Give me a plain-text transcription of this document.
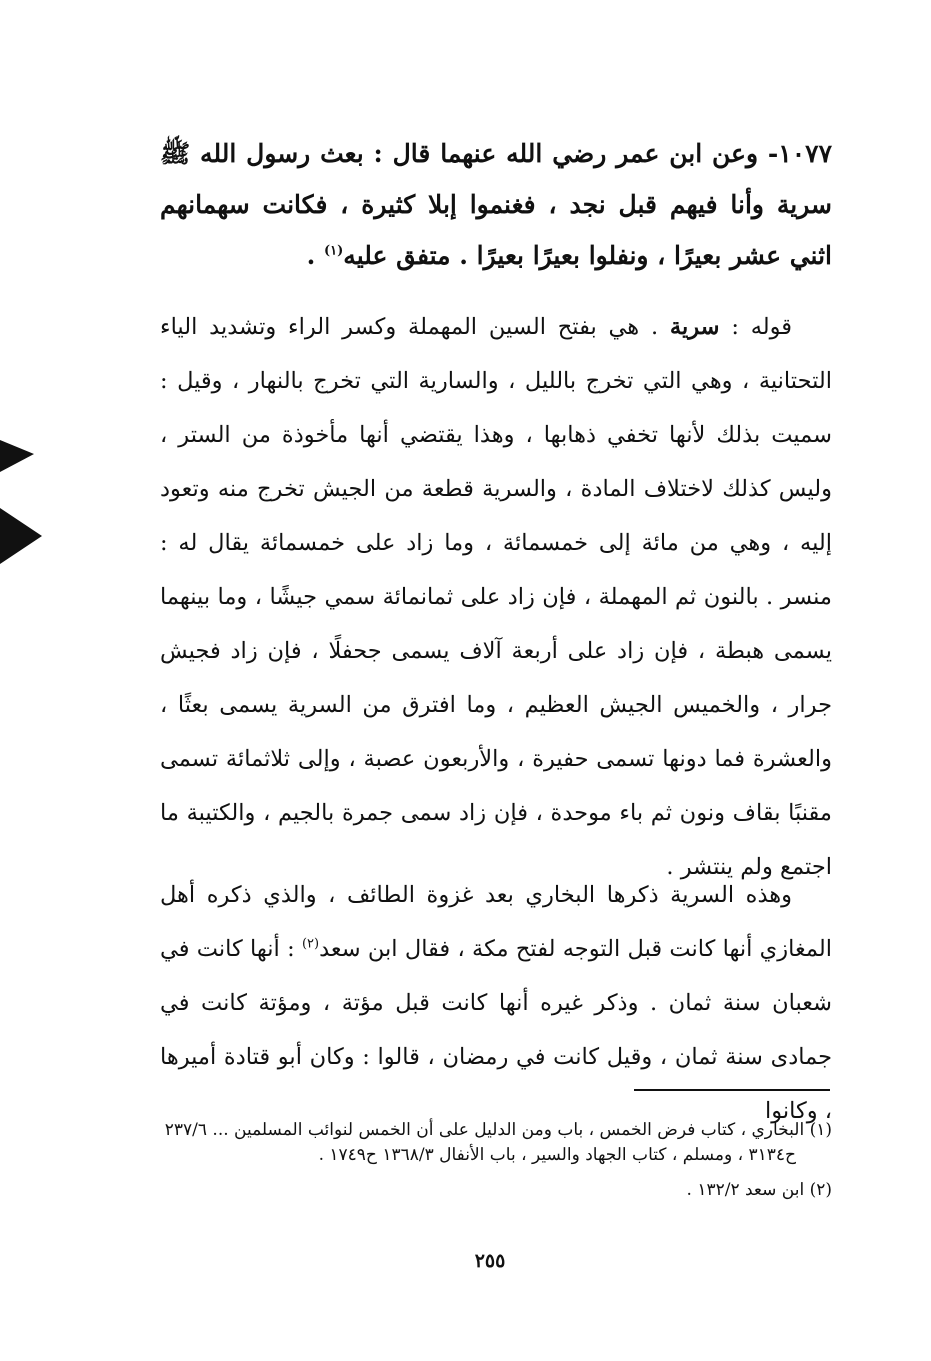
١٠٧٧- وعن ابن عمر رضي الله عنهما قال : بعث رسول الله ﷺ سرية وأنا فيهم قبل نجد ، فغنموا إبلا كثيرة ، فكانت سهمانهم اثني عشر بعيرًا ، ونفلوا بعيرًا بعيرًا . متفق عليه$^{(١)}$ .
قوله : سرية . هي بفتح السين المهملة وكسر الراء وتشديد الياء التحتانية ، وهي التي تخرج بالليل ، والسارية التي تخرج بالنهار ، وقيل : سميت بذلك لأنها تخفي ذهابها ، وهذا يقتضي أنها مأخوذة من الستر ، وليس كذلك لاختلاف المادة ، والسرية قطعة من الجيش تخرج منه وتعود إليه ، وهي من مائة إلى خمسمائة ، وما زاد على خمسمائة يقال له : منسر . بالنون ثم المهملة ، فإن زاد على ثمانمائة سمي جيشًا ، وما بينهما يسمى هبطة ، فإن زاد على أربعة آلاف يسمى جحفلًا ، فإن زاد فجيش جرار ، والخميس الجيش العظيم ، وما افترق من السرية يسمى بعثًا ، والعشرة فما دونها تسمى حفيرة ، والأربعون عصبة ، وإلى ثلاثمائة تسمى مقنبًا بقاف ونون ثم باء موحدة ، فإن زاد سمى جمرة بالجيم ، والكتيبة ما اجتمع ولم ينتشر .
وهذه السرية ذكرها البخاري بعد غزوة الطائف ، والذي ذكره أهل المغازي أنها كانت قبل التوجه لفتح مكة ، فقال ابن سعد$^{(٢)}$ : أنها كانت في شعبان سنة ثمان . وذكر غيره أنها كانت قبل مؤتة ، ومؤتة كانت في جمادى سنة ثمان ، وقيل كانت في رمضان ، قالوا : وكان أبو قتادة أميرها ، وكانوا
(١) البخاري ، كتاب فرض الخمس ، باب ومن الدليل على أن الخمس لنوائب المسلمين ... ٢٣٧/٦
ح٣١٣٤ ، ومسلم ، كتاب الجهاد والسير ، باب الأنفال ١٣٦٨/٣ ح١٧٤٩ .
(٢) ابن سعد ١٣٢/٢ .
٢٥٥
